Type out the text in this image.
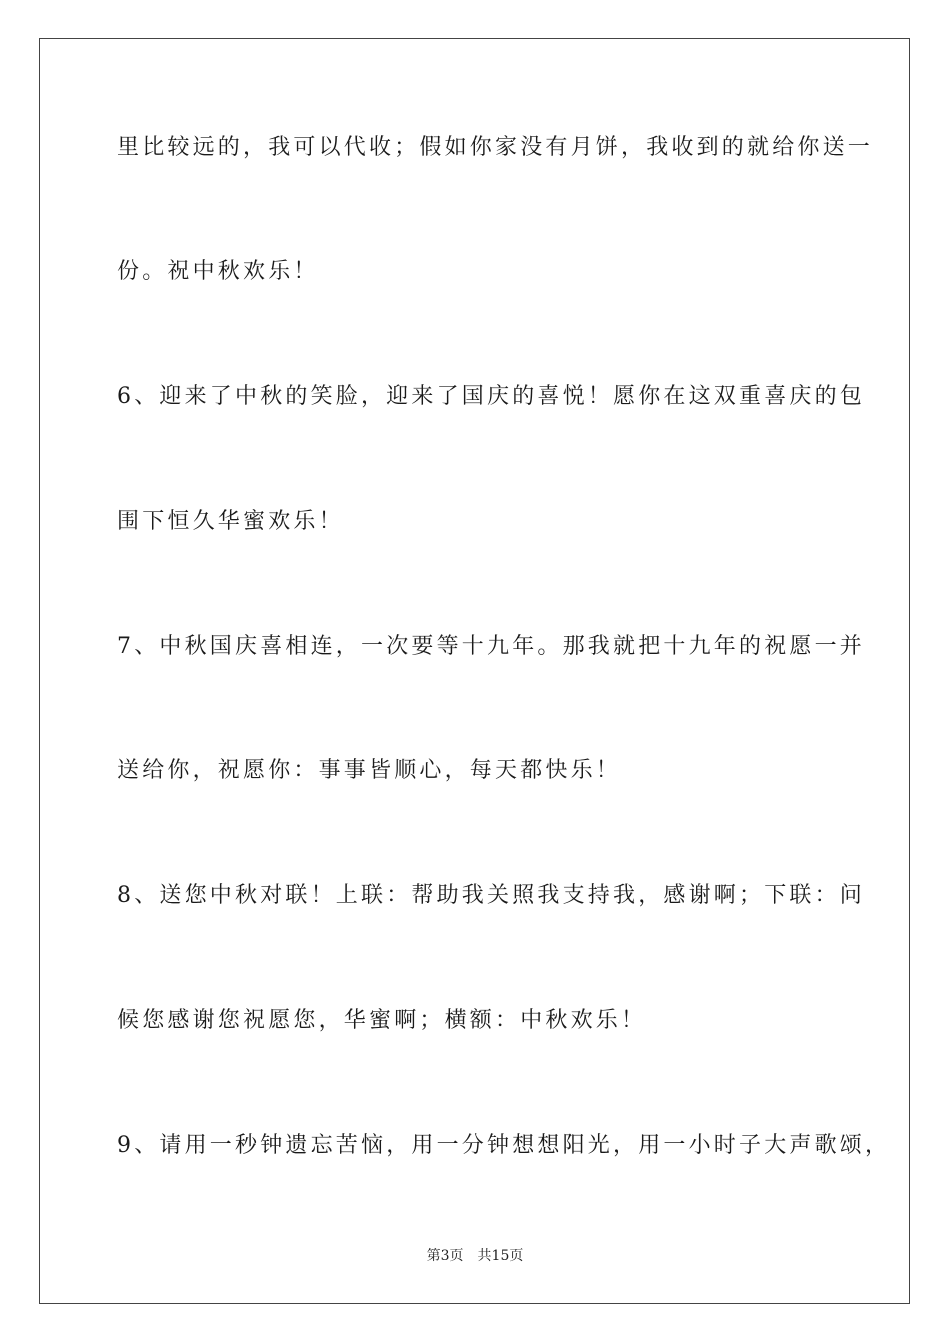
里比较远的，我可以代收；假如你家没有月饼，我收到的就给你送一
份。祝中秋欢乐！
6、迎来了中秋的笑脸，迎来了国庆的喜悦！愿你在这双重喜庆的包
围下恒久华蜜欢乐！
7、中秋国庆喜相连，一次要等十九年。那我就把十九年的祝愿一并
送给你，祝愿你：事事皆顺心，每天都快乐！
8、送您中秋对联！上联：帮助我关照我支持我，感谢啊；下联：问
候您感谢您祝愿您，华蜜啊；横额：中秋欢乐！
9、请用一秒钟遗忘苦恼，用一分钟想想阳光，用一小时子大声歌颂，
第3页 共15页
